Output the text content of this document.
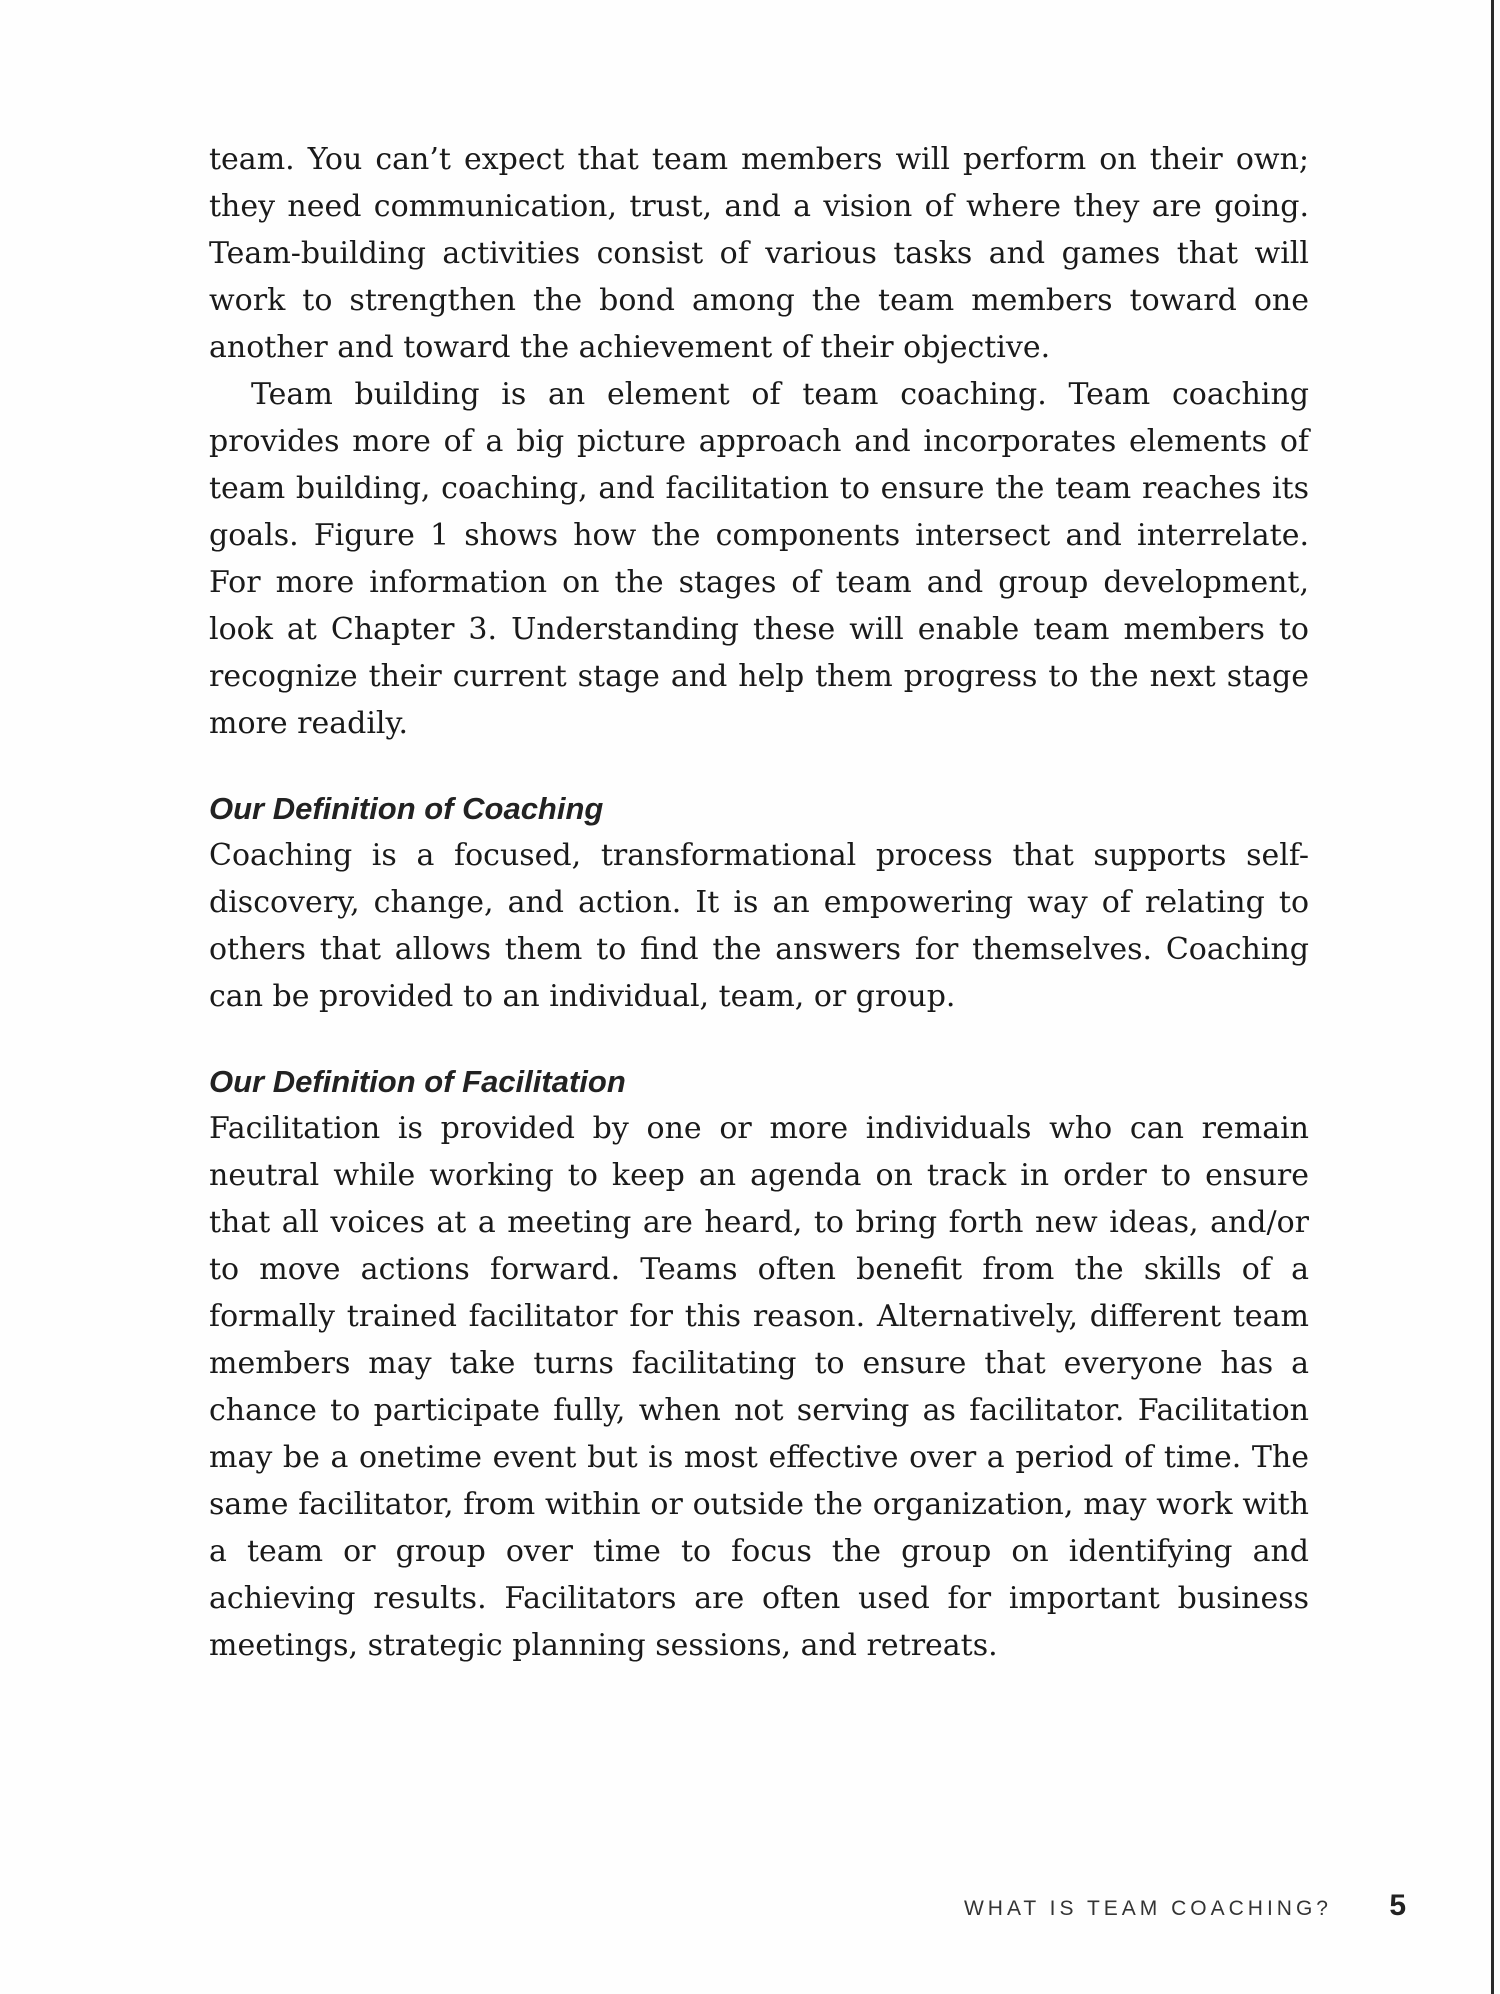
team. You can’t expect that team members will perform on their own; they need communication, trust, and a vision of where they are going. Team-building activities consist of various tasks and games that will work to strengthen the bond among the team members toward one another and toward the achievement of their objective.

Team building is an element of team coaching. Team coaching provides more of a big picture approach and incorporates elements of team building, coaching, and facilitation to ensure the team reaches its goals. Figure 1 shows how the components intersect and interrelate. For more information on the stages of team and group development, look at Chapter 3. Understanding these will enable team members to recognize their current stage and help them progress to the next stage more readily.

Our Definition of Coaching

Coaching is a focused, transformational process that supports self-discovery, change, and action. It is an empowering way of relating to others that allows them to find the answers for themselves. Coaching can be provided to an individual, team, or group.

Our Definition of Facilitation

Facilitation is provided by one or more individuals who can remain neutral while working to keep an agenda on track in order to ensure that all voices at a meeting are heard, to bring forth new ideas, and/or to move actions forward. Teams often benefit from the skills of a formally trained facilitator for this reason. Alternatively, different team members may take turns facilitating to ensure that everyone has a chance to participate fully, when not serving as facilitator. Facilitation may be a onetime event but is most effective over a period of time. The same facilitator, from within or outside the organization, may work with a team or group over time to focus the group on identifying and achieving results. Facilitators are often used for important business meetings, strategic planning sessions, and retreats.

WHAT IS TEAM COACHING? 5
